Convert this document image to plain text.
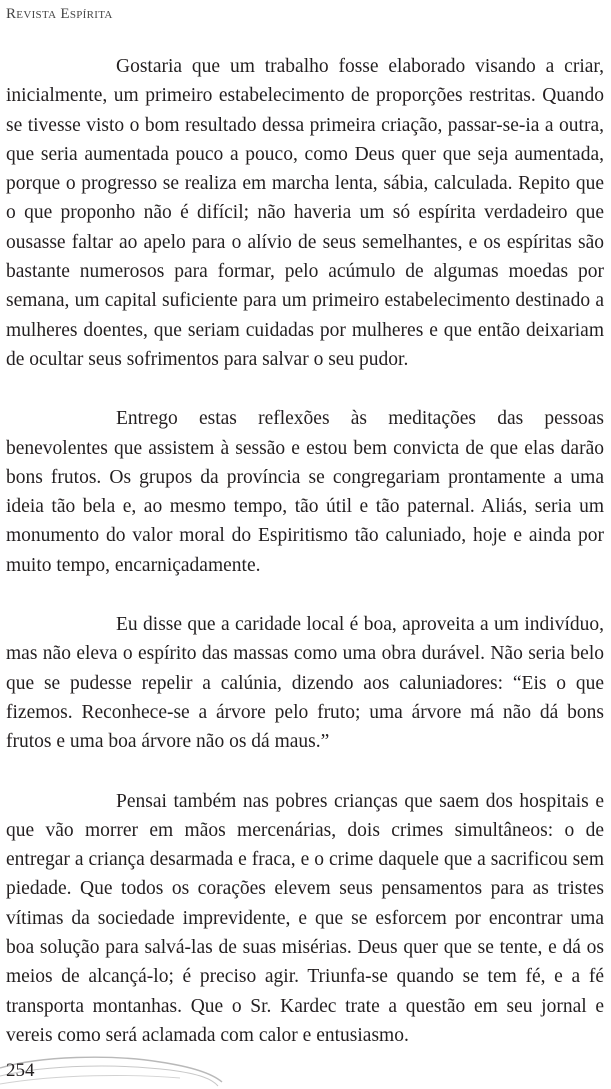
Revista Espírita

Gostaria que um trabalho fosse elaborado visando a criar, inicialmente, um primeiro estabelecimento de proporções restritas. Quando se tivesse visto o bom resultado dessa primeira criação, passar-se-ia a outra, que seria aumentada pouco a pouco, como Deus quer que seja aumentada, porque o progresso se realiza em marcha lenta, sábia, calculada. Repito que o que proponho não é difícil; não haveria um só espírita verdadeiro que ousasse faltar ao apelo para o alívio de seus semelhantes, e os espíritas são bastante numerosos para formar, pelo acúmulo de algumas moedas por semana, um capital suficiente para um primeiro estabelecimento destinado a mulheres doentes, que seriam cuidadas por mulheres e que então deixariam de ocultar seus sofrimentos para salvar o seu pudor.

Entrego estas reflexões às meditações das pessoas benevolentes que assistem à sessão e estou bem convicta de que elas darão bons frutos. Os grupos da província se congregariam prontamente a uma ideia tão bela e, ao mesmo tempo, tão útil e tão paternal. Aliás, seria um monumento do valor moral do Espiritismo tão caluniado, hoje e ainda por muito tempo, encarniçadamente.

Eu disse que a caridade local é boa, aproveita a um indivíduo, mas não eleva o espírito das massas como uma obra durável. Não seria belo que se pudesse repelir a calúnia, dizendo aos caluniadores: “Eis o que fizemos. Reconhece-se a árvore pelo fruto; uma árvore má não dá bons frutos e uma boa árvore não os dá maus.”

Pensai também nas pobres crianças que saem dos hospitais e que vão morrer em mãos mercenárias, dois crimes simultâneos: o de entregar a criança desarmada e fraca, e o crime daquele que a sacrificou sem piedade. Que todos os corações elevem seus pensamentos para as tristes vítimas da sociedade imprevidente, e que se esforcem por encontrar uma boa solução para salvá-las de suas misérias. Deus quer que se tente, e dá os meios de alcançá-lo; é preciso agir. Triunfa-se quando se tem fé, e a fé transporta montanhas. Que o Sr. Kardec trate a questão em seu jornal e vereis como será aclamada com calor e entusiasmo.

254
